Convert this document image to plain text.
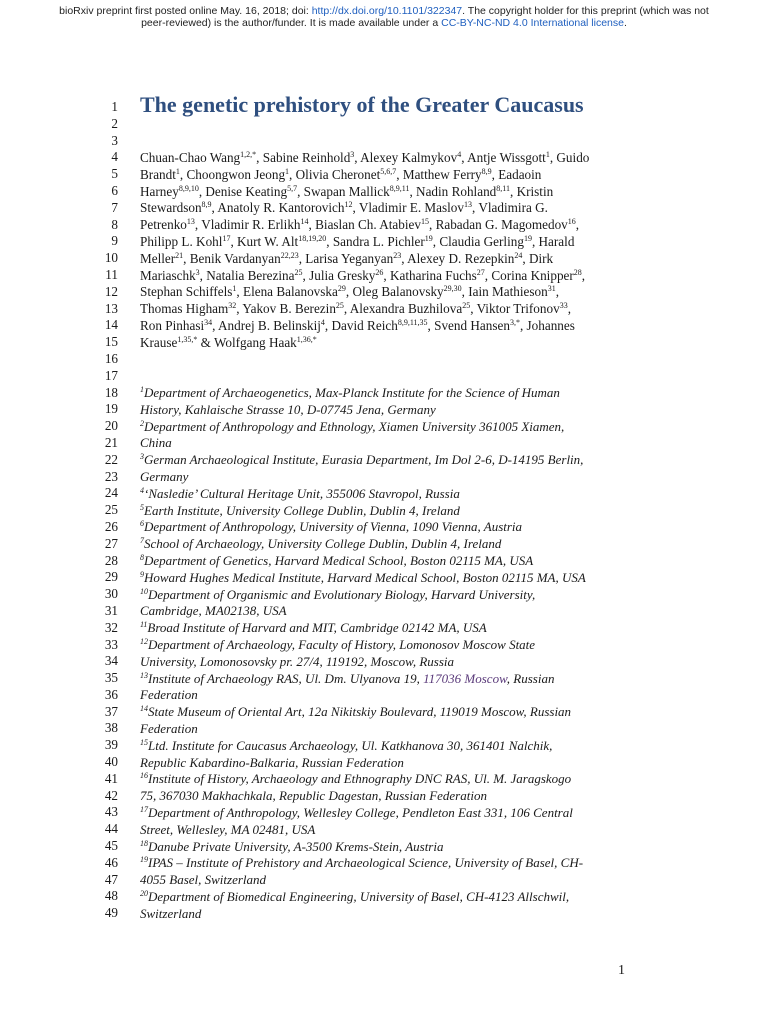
bioRxiv preprint first posted online May. 16, 2018; doi: http://dx.doi.org/10.1101/322347. The copyright holder for this preprint (which was not
peer-reviewed) is the author/funder. It is made available under a CC-BY-NC-ND 4.0 International license.
The genetic prehistory of the Greater Caucasus
1
2
3
4
5
6
7
8
9
10
11
12
13
14
15
16
17
18
19
20
21
22
23
24
25
26
27
28
29
30
31
32
33
34
35
36
37
38
39
40
41
42
43
44
45
46
47
48
49
Chuan-Chao Wang$^{1,2,*}$, Sabine Reinhold$^3$, Alexey Kalmykov$^4$, Antje Wissgott$^1$, Guido
Brandt$^1$, Choongwon Jeong$^1$, Olivia Cheronet$^{5,6,7}$, Matthew Ferry$^{8,9}$, Eadaoin
Harney$^{8,9,10}$, Denise Keating$^{5,7}$, Swapan Mallick$^{8,9,11}$, Nadin Rohland$^{8,11}$, Kristin
Stewardson$^{8,9}$, Anatoly R. Kantorovich$^{12}$, Vladimir E. Maslov$^{13}$, Vladimira G.
Petrenko$^{13}$, Vladimir R. Erlikh$^{14}$, Biaslan Ch. Atabiev$^{15}$, Rabadan G. Magomedov$^{16}$,
Philipp L. Kohl$^{17}$, Kurt W. Alt$^{18,19,20}$, Sandra L. Pichler$^{19}$, Claudia Gerling$^{19}$, Harald
Meller$^{21}$, Benik Vardanyan$^{22,23}$, Larisa Yeganyan$^{23}$, Alexey D. Rezepkin$^{24}$, Dirk
Mariaschk$^3$, Natalia Berezina$^{25}$, Julia Gresky$^{26}$, Katharina Fuchs$^{27}$, Corina Knipper$^{28}$,
Stephan Schiffels$^1$, Elena Balanovska$^{29}$, Oleg Balanovsky$^{29,30}$, Iain Mathieson$^{31}$,
Thomas Higham$^{32}$, Yakov B. Berezin$^{25}$, Alexandra Buzhilova$^{25}$, Viktor Trifonov$^{33}$,
Ron Pinhasi$^{34}$, Andrej B. Belinskij$^4$, David Reich$^{8,9,11,35}$, Svend Hansen$^{3,*}$, Johannes
Krause$^{1,35,*}$ & Wolfgang Haak$^{1,36,*}$
$^1$Department of Archaeogenetics, Max-Planck Institute for the Science of Human
History, Kahlaische Strasse 10, D-07745 Jena, Germany
$^2$Department of Anthropology and Ethnology, Xiamen University 361005 Xiamen,
China
$^3$German Archaeological Institute, Eurasia Department, Im Dol 2-6, D-14195 Berlin,
Germany
$^4$‘Nasledie’ Cultural Heritage Unit, 355006 Stavropol, Russia
$^5$Earth Institute, University College Dublin, Dublin 4, Ireland
$^6$Department of Anthropology, University of Vienna, 1090 Vienna, Austria
$^7$School of Archaeology, University College Dublin, Dublin 4, Ireland
$^8$Department of Genetics, Harvard Medical School, Boston 02115 MA, USA
$^9$Howard Hughes Medical Institute, Harvard Medical School, Boston 02115 MA, USA
$^{10}$Department of Organismic and Evolutionary Biology, Harvard University,
Cambridge, MA02138, USA
$^{11}$Broad Institute of Harvard and MIT, Cambridge 02142 MA, USA
$^{12}$Department of Archaeology, Faculty of History, Lomonosov Moscow State
University, Lomonosovsky pr. 27/4, 119192, Moscow, Russia
$^{13}$Institute of Archaeology RAS, Ul. Dm. Ulyanova 19, 117036 Moscow, Russian
Federation
$^{14}$State Museum of Oriental Art, 12a Nikitskiy Boulevard, 119019 Moscow, Russian
Federation
$^{15}$Ltd. Institute for Caucasus Archaeology, Ul. Katkhanova 30, 361401 Nalchik,
Republic Kabardino-Balkaria, Russian Federation
$^{16}$Institute of History, Archaeology and Ethnography DNC RAS, Ul. M. Jaragskogo
75, 367030 Makhachkala, Republic Dagestan, Russian Federation
$^{17}$Department of Anthropology, Wellesley College, Pendleton East 331, 106 Central
Street, Wellesley, MA 02481, USA
$^{18}$Danube Private University, A-3500 Krems-Stein, Austria
$^{19}$IPAS – Institute of Prehistory and Archaeological Science, University of Basel, CH-
4055 Basel, Switzerland
$^{20}$Department of Biomedical Engineering, University of Basel, CH-4123 Allschwil,
Switzerland
1
